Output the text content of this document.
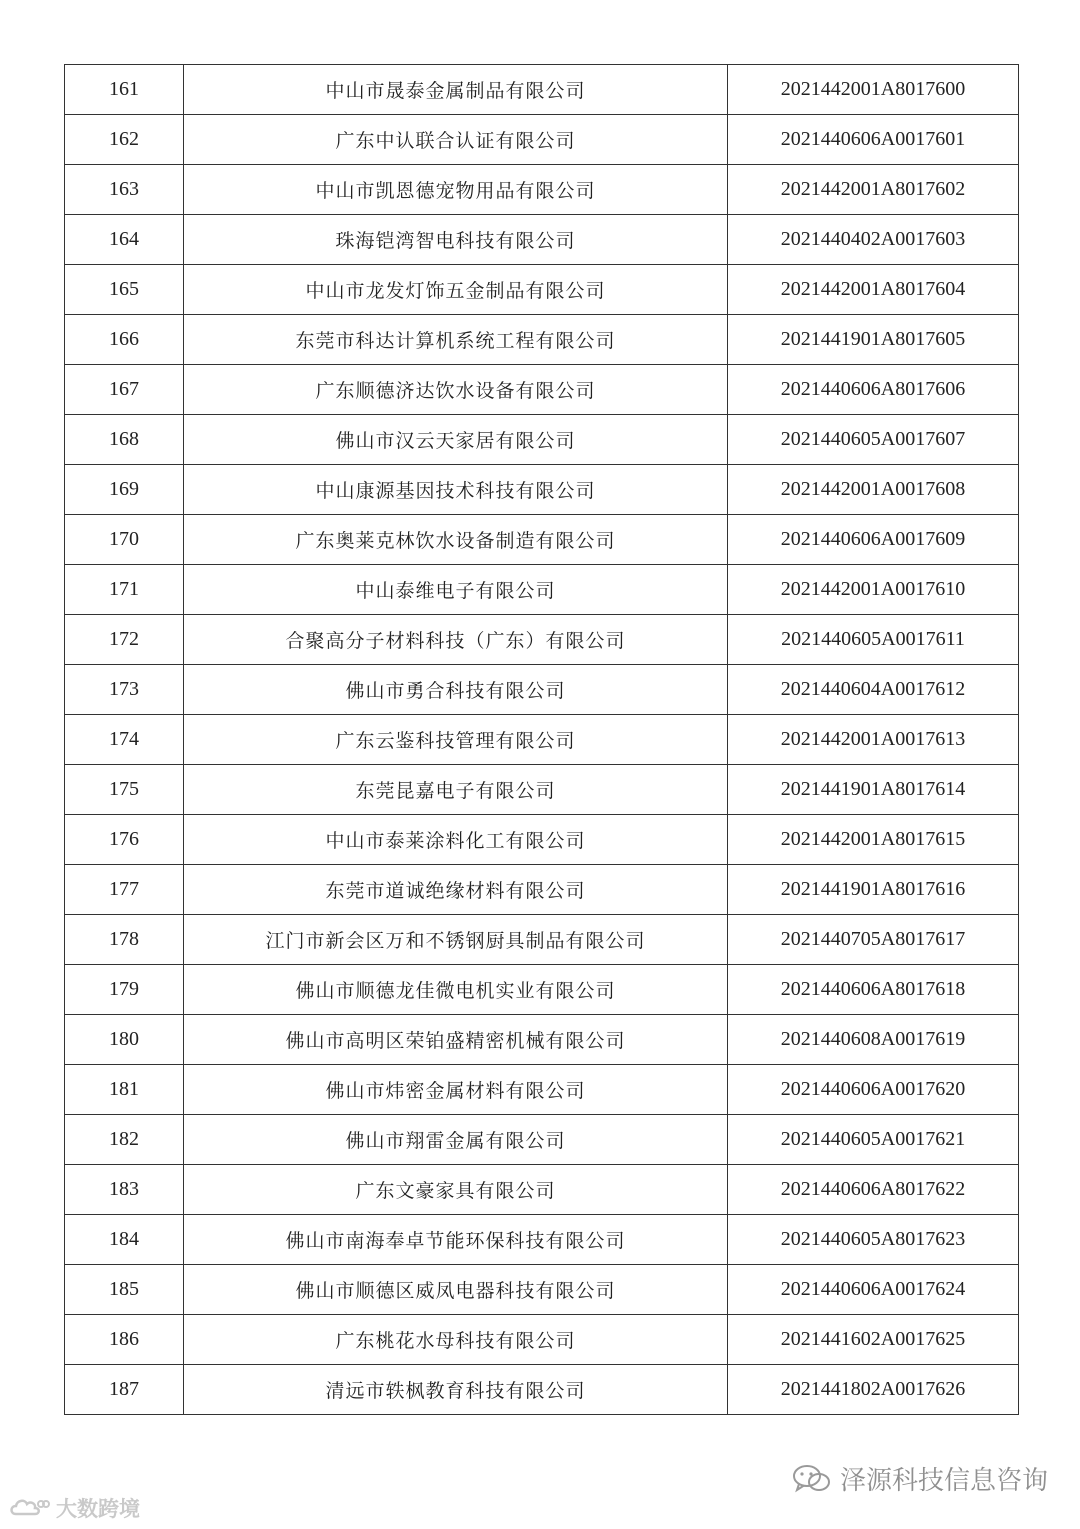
161	中山市晟泰金属制品有限公司	2021442001A8017600
162	广东中认联合认证有限公司	2021440606A0017601
163	中山市凯恩德宠物用品有限公司	2021442001A8017602
164	珠海铠湾智电科技有限公司	2021440402A0017603
165	中山市龙发灯饰五金制品有限公司	2021442001A8017604
166	东莞市科达计算机系统工程有限公司	2021441901A8017605
167	广东顺德济达饮水设备有限公司	2021440606A8017606
168	佛山市汉云天家居有限公司	2021440605A0017607
169	中山康源基因技术科技有限公司	2021442001A0017608
170	广东奥莱克林饮水设备制造有限公司	2021440606A0017609
171	中山泰维电子有限公司	2021442001A0017610
172	合聚高分子材料科技（广东）有限公司	2021440605A0017611
173	佛山市勇合科技有限公司	2021440604A0017612
174	广东云鉴科技管理有限公司	2021442001A0017613
175	东莞昆嘉电子有限公司	2021441901A8017614
176	中山市泰莱涂料化工有限公司	2021442001A8017615
177	东莞市道诚绝缘材料有限公司	2021441901A8017616
178	江门市新会区万和不锈钢厨具制品有限公司	2021440705A8017617
179	佛山市顺德龙佳微电机实业有限公司	2021440606A8017618
180	佛山市高明区荣铂盛精密机械有限公司	2021440608A0017619
181	佛山市炜密金属材料有限公司	2021440606A0017620
182	佛山市翔雷金属有限公司	2021440605A0017621
183	广东文豪家具有限公司	2021440606A8017622
184	佛山市南海奉卓节能环保科技有限公司	2021440605A8017623
185	佛山市顺德区威凤电器科技有限公司	2021440606A0017624
186	广东桃花水母科技有限公司	2021441602A0017625
187	清远市轶枫教育科技有限公司	2021441802A0017626
大数跨境
泽源科技信息咨询
